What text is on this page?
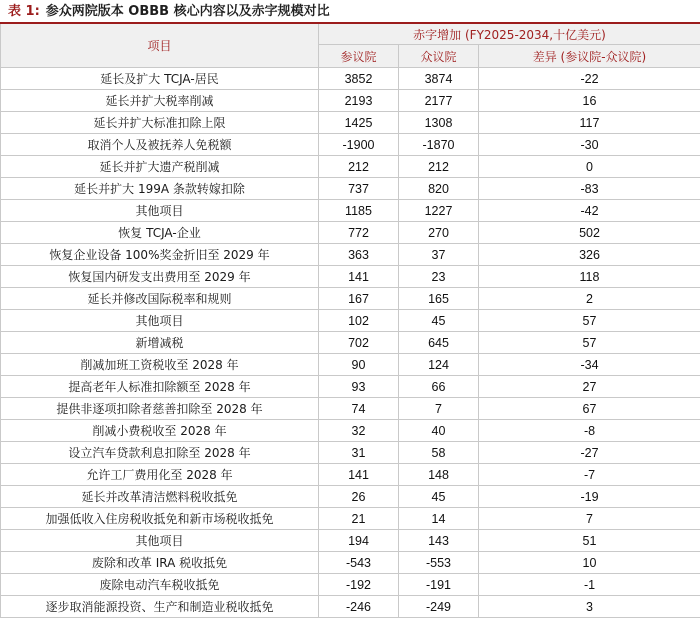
表 1: 参众两院版本 OBBB 核心内容以及赤字规模对比
项目	赤字增加 (FY2025-2034,十亿美元)		
	参议院	众议院	差异 (参议院-众议院)
延长及扩大 TCJA-居民	3852	3874	-22
延长并扩大税率削减	2193	2177	16
延长并扩大标准扣除上限	1425	1308	117
取消个人及被抚养人免税额	-1900	-1870	-30
延长并扩大遗产税削减	212	212	0
延长并扩大 199A 条款转嫁扣除	737	820	-83
其他项目	1185	1227	-42
恢复 TCJA-企业	772	270	502
恢复企业设备 100%奖金折旧至 2029 年	363	37	326
恢复国内研发支出费用至 2029 年	141	23	118
延长并修改国际税率和规则	167	165	2
其他项目	102	45	57
新增减税	702	645	57
削减加班工资税收至 2028 年	90	124	-34
提高老年人标准扣除额至 2028 年	93	66	27
提供非逐项扣除者慈善扣除至 2028 年	74	7	67
削减小费税收至 2028 年	32	40	-8
设立汽车贷款利息扣除至 2028 年	31	58	-27
允许工厂费用化至 2028 年	141	148	-7
延长并改革清洁燃料税收抵免	26	45	-19
加强低收入住房税收抵免和新市场税收抵免	21	14	7
其他项目	194	143	51
废除和改革 IRA 税收抵免	-543	-553	10
废除电动汽车税收抵免	-192	-191	-1
逐步取消能源投资、生产和制造业税收抵免	-246	-249	3
